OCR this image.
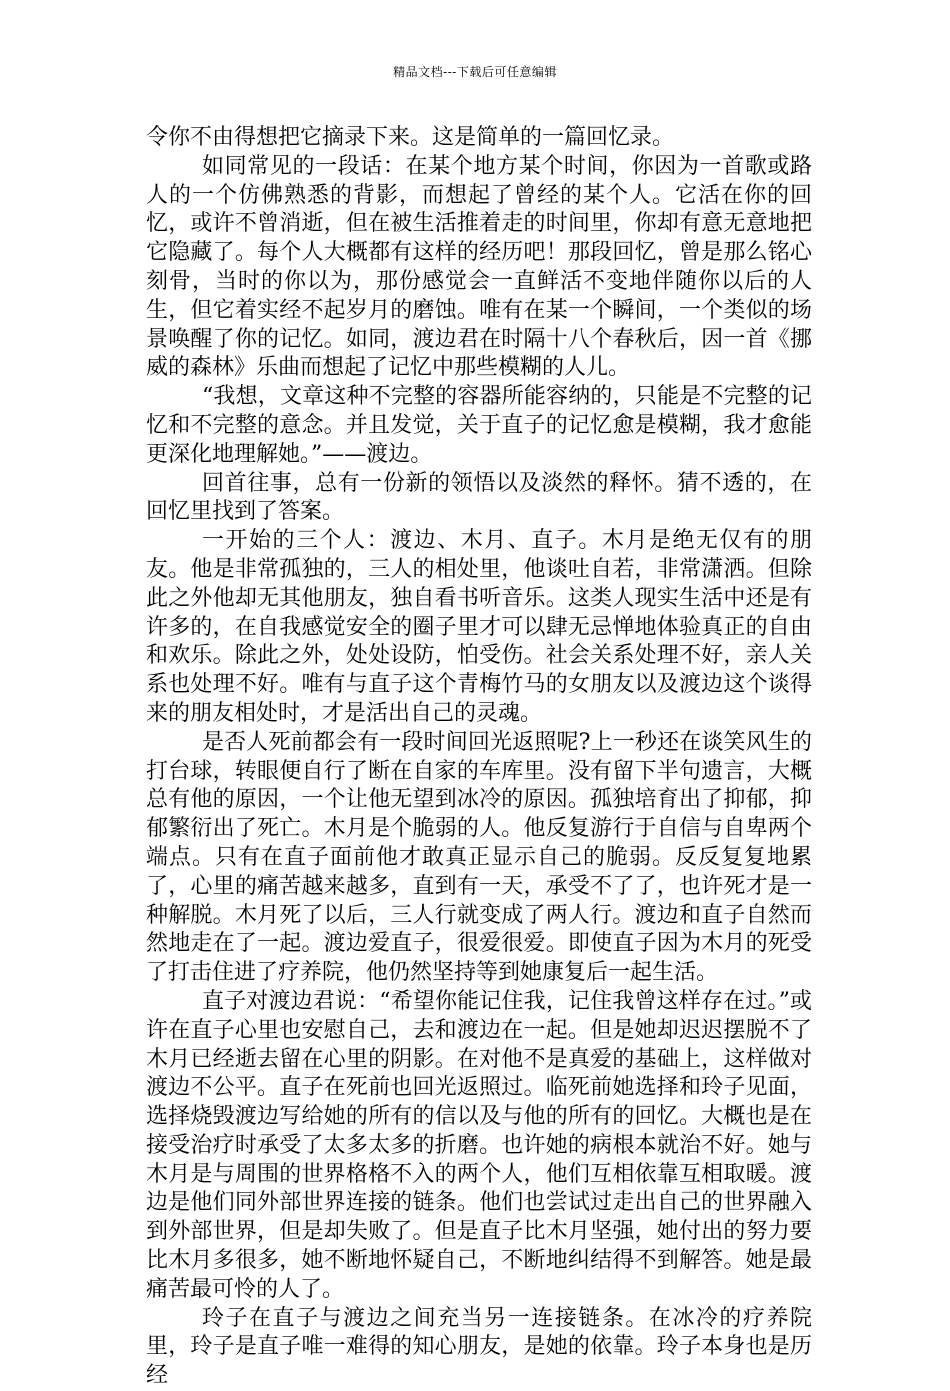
精品文档---下载后可任意编辑

令你不由得想把它摘录下来。这是简单的一篇回忆录。

如同常见的一段话：在某个地方某个时间，你因为一首歌或路人的一个仿佛熟悉的背影，而想起了曾经的某个人。它活在你的回忆，或许不曾消逝，但在被生活推着走的时间里，你却有意无意地把它隐藏了。每个人大概都有这样的经历吧！那段回忆，曾是那么铭心刻骨，当时的你以为，那份感觉会一直鲜活不变地伴随你以后的人生，但它着实经不起岁月的磨蚀。唯有在某一个瞬间，一个类似的场景唤醒了你的记忆。如同，渡边君在时隔十八个春秋后，因一首《挪威的森林》乐曲而想起了记忆中那些模糊的人儿。

“我想，文章这种不完整的容器所能容纳的，只能是不完整的记忆和不完整的意念。并且发觉，关于直子的记忆愈是模糊，我才愈能更深化地理解她。”——渡边。

回首往事，总有一份新的领悟以及淡然的释怀。猜不透的，在回忆里找到了答案。

一开始的三个人：渡边、木月、直子。木月是绝无仅有的朋友。他是非常孤独的，三人的相处里，他谈吐自若，非常潇洒。但除此之外他却无其他朋友，独自看书听音乐。这类人现实生活中还是有许多的，在自我感觉安全的圈子里才可以肆无忌惮地体验真正的自由和欢乐。除此之外，处处设防，怕受伤。社会关系处理不好，亲人关系也处理不好。唯有与直子这个青梅竹马的女朋友以及渡边这个谈得来的朋友相处时，才是活出自己的灵魂。

是否人死前都会有一段时间回光返照呢?上一秒还在谈笑风生的打台球，转眼便自行了断在自家的车库里。没有留下半句遗言，大概总有他的原因，一个让他无望到冰冷的原因。孤独培育出了抑郁，抑郁繁衍出了死亡。木月是个脆弱的人。他反复游行于自信与自卑两个端点。只有在直子面前他才敢真正显示自己的脆弱。反反复复地累了，心里的痛苦越来越多，直到有一天，承受不了了，也许死才是一种解脱。木月死了以后，三人行就变成了两人行。渡边和直子自然而然地走在了一起。渡边爱直子，很爱很爱。即使直子因为木月的死受了打击住进了疗养院，他仍然坚持等到她康复后一起生活。

直子对渡边君说：“希望你能记住我，记住我曾这样存在过。”或许在直子心里也安慰自己，去和渡边在一起。但是她却迟迟摆脱不了木月已经逝去留在心里的阴影。在对他不是真爱的基础上，这样做对渡边不公平。直子在死前也回光返照过。临死前她选择和玲子见面，选择烧毁渡边写给她的所有的信以及与他的所有的回忆。大概也是在接受治疗时承受了太多太多的折磨。也许她的病根本就治不好。她与木月是与周围的世界格格不入的两个人，他们互相依靠互相取暖。渡边是他们同外部世界连接的链条。他们也尝试过走出自己的世界融入到外部世界，但是却失败了。但是直子比木月坚强，她付出的努力要比木月多很多，她不断地怀疑自己，不断地纠结得不到解答。她是最痛苦最可怜的人了。

玲子在直子与渡边之间充当另一连接链条。在冰冷的疗养院里，玲子是直子唯一难得的知心朋友，是她的依靠。玲子本身也是历经
